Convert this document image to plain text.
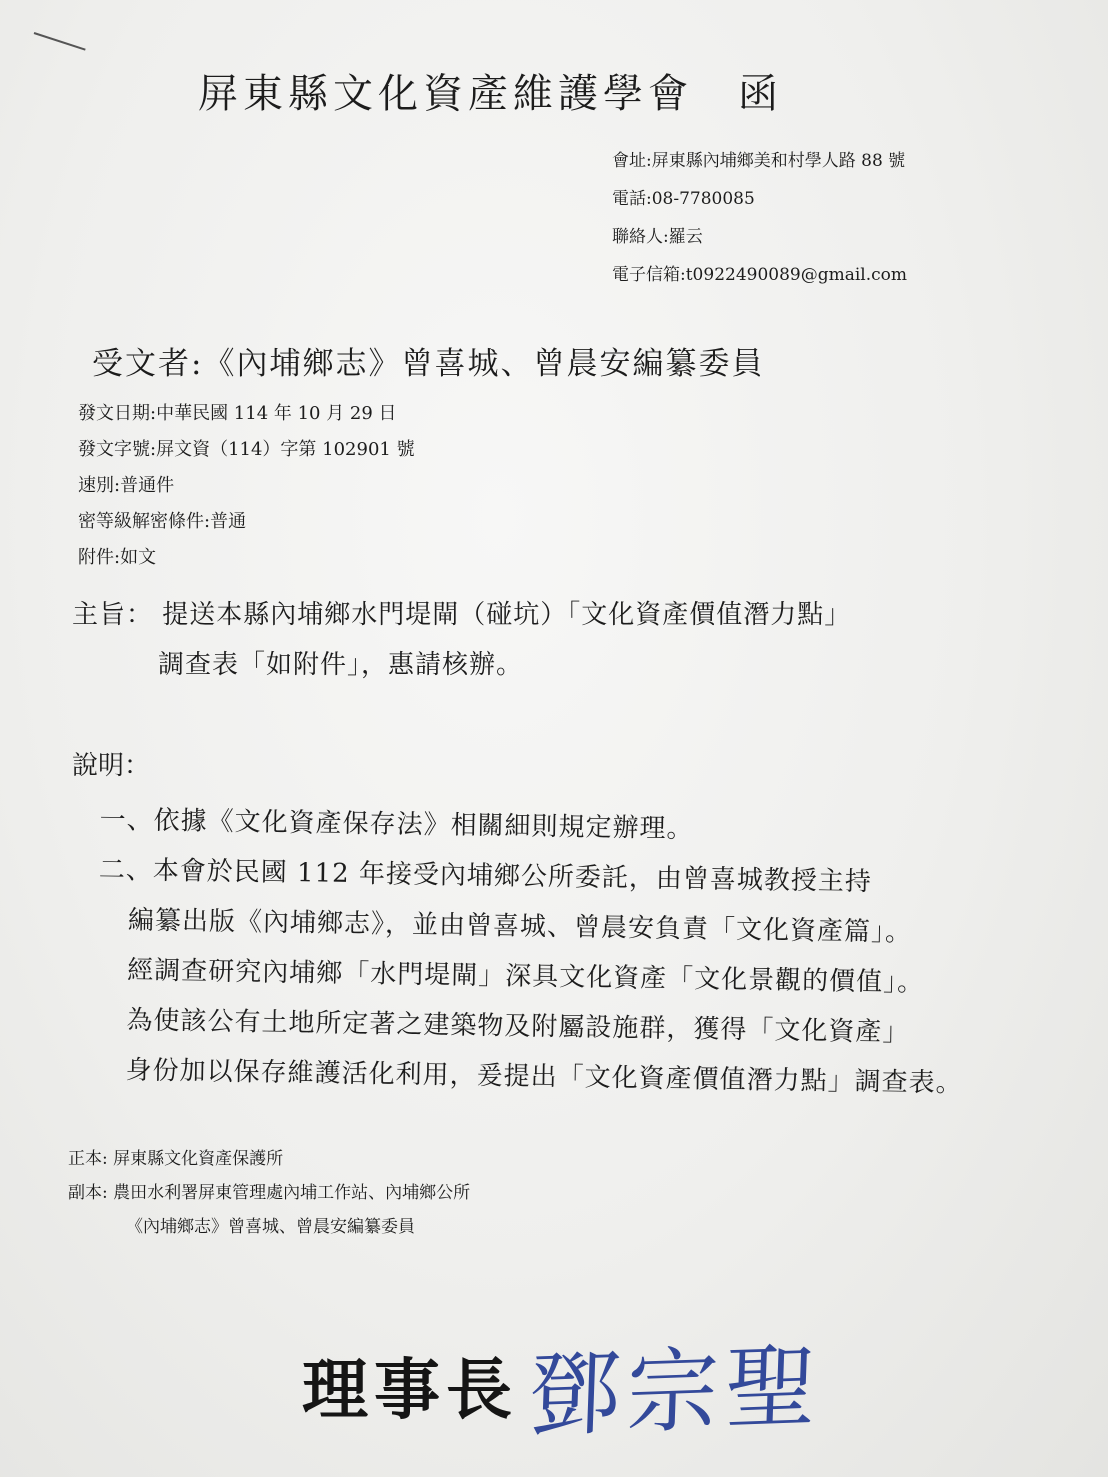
屏東縣文化資產維護學會　函
會址:屏東縣內埔鄉美和村學人路 88 號
電話:08-7780085
聯絡人:羅云
電子信箱:t0922490089@gmail.com
受文者:《內埔鄉志》曾喜城、曾晨安編纂委員
發文日期:中華民國 114 年 10 月 29 日
發文字號:屏文資（114）字第 102901 號
速別:普通件
密等級解密條件:普通
附件:如文
主旨： 提送本縣內埔鄉水門堤閘（碰坑）「文化資產價值潛力點」
調查表「如附件」，惠請核辦。
說明：
一、依據《文化資產保存法》相關細則規定辦理。
二、本會於民國 112 年接受內埔鄉公所委託，由曾喜城教授主持
編纂出版《內埔鄉志》，並由曾喜城、曾晨安負責「文化資產篇」。
經調查研究內埔鄉「水門堤閘」深具文化資產「文化景觀的價值」。
為使該公有土地所定著之建築物及附屬設施群，獲得「文化資產」
身份加以保存維護活化利用，爰提出「文化資產價值潛力點」調查表。
正本: 屏東縣文化資產保護所
副本: 農田水利署屏東管理處內埔工作站、內埔鄉公所
《內埔鄉志》曾喜城、曾晨安編纂委員
理事長 鄧宗聖
